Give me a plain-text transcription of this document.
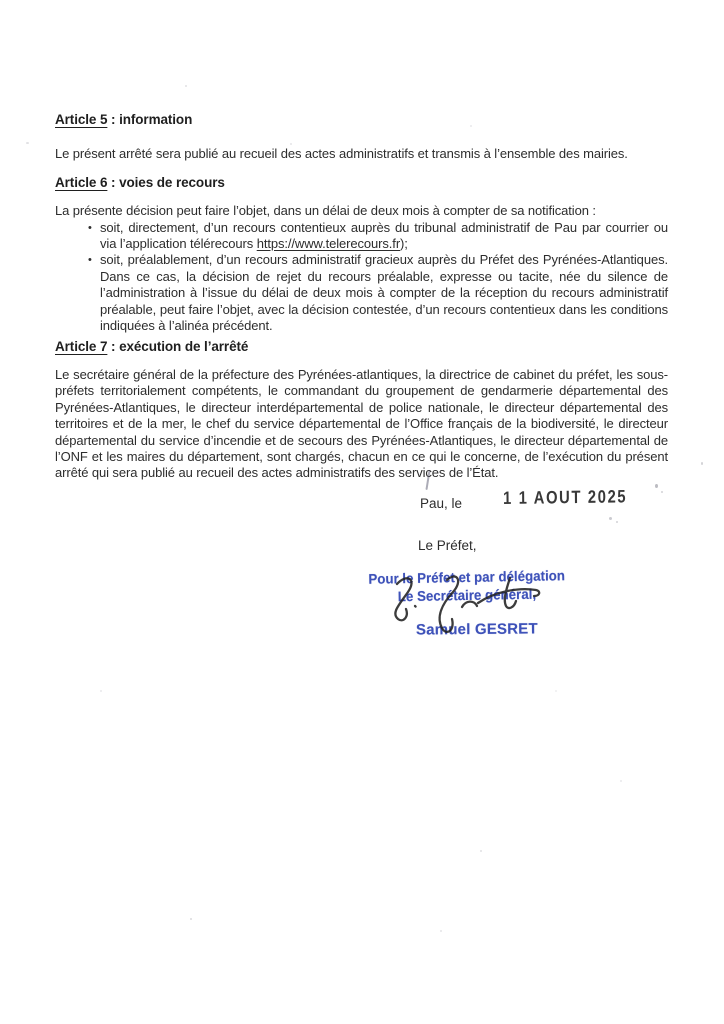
Article 5 : information
Le présent arrêté sera publié au recueil des actes administratifs et transmis à l’ensemble des mairies.
Article 6 : voies de recours
La présente décision peut faire l’objet, dans un délai de deux mois à compter de sa notification :
• soit, directement, d’un recours contentieux auprès du tribunal administratif de Pau par courrier ou via l’application télérecours https://www.telerecours.fr);
• soit, préalablement, d’un recours administratif gracieux auprès du Préfet des Pyrénées-Atlantiques. Dans ce cas, la décision de rejet du recours préalable, expresse ou tacite, née du silence de l’administration à l’issue du délai de deux mois à compter de la réception du recours administratif préalable, peut faire l’objet, avec la décision contestée, d’un recours contentieux dans les conditions indiquées à l’alinéa précédent.
Article 7 : exécution de l’arrêté
Le secrétaire général de la préfecture des Pyrénées-atlantiques, la directrice de cabinet du préfet, les sous-préfets territorialement compétents, le commandant du groupement de gendarmerie départemental des Pyrénées-Atlantiques, le directeur interdépartemental de police nationale, le directeur départemental des territoires et de la mer, le chef du service départemental de l’Office français de la biodiversité, le directeur départemental du service d’incendie et de secours des Pyrénées-Atlantiques, le directeur départemental de l’ONF et les maires du département, sont chargés, chacun en ce qui le concerne, de l’exécution du présent arrêté qui sera publié au recueil des actes administratifs des services de l’État.
Pau, le 1 1 AOUT 2025
Le Préfet,
Pour le Préfet et par délégation
Le Secrétaire général,
Samuel GESRET
